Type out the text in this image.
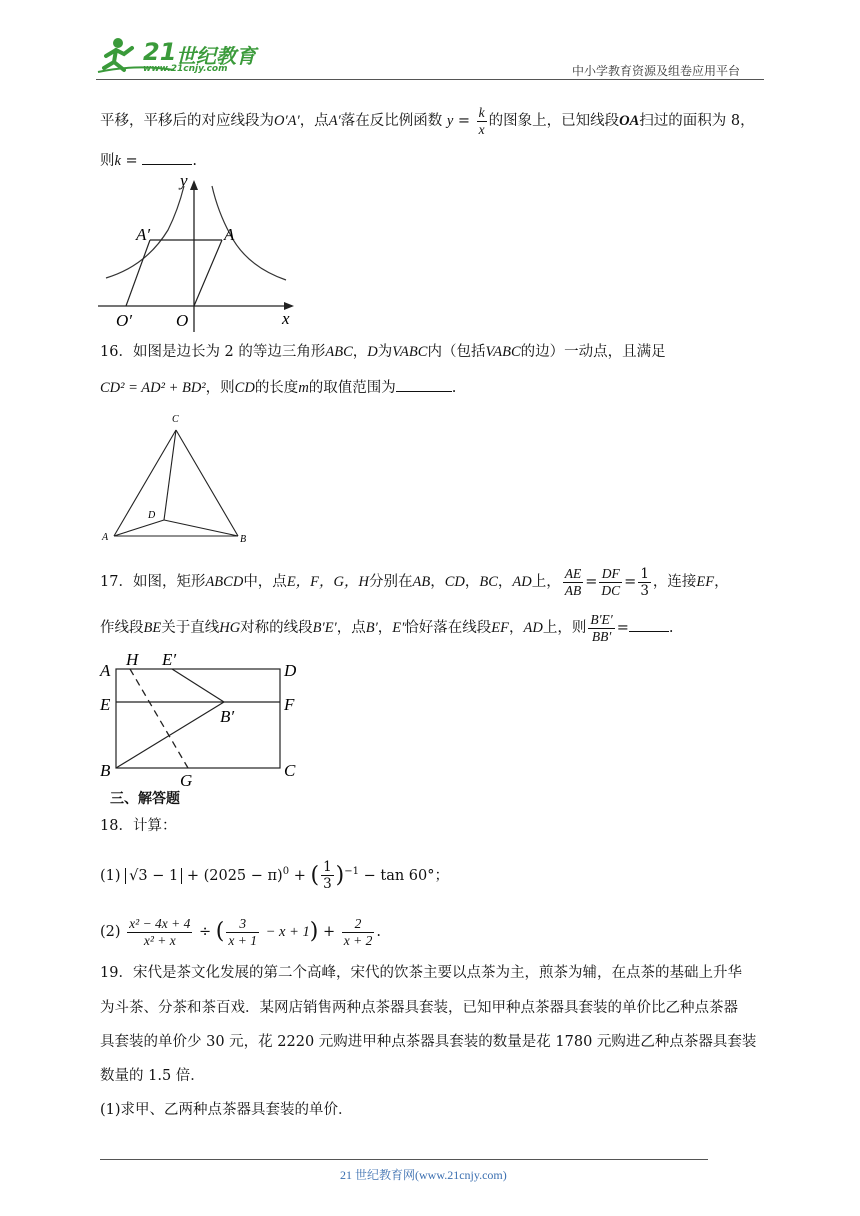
21 世纪教育
www.21cnjy.com	中小学教育资源及组卷应用平台
平移，平移后的对应线段为O′A′，点A′落在反比例函数 $y = \frac{k}{x}$ 的图象上，已知线段OA扫过的面积为 8，
则k =	.
y
x
A′	A
O′	O
16．如图是边长为 2 的等边三角形ABC，D为VABC内（包括VABC的边）一动点，且满足
CD² = AD² + BD²，则CD的长度m的取值范围为	.
C
D
A	B
17．如图，矩形ABCD中，点E，F，G，H分别在AB，CD，BC，AD上， $\frac{AE}{AB} = \frac{DF}{DC} = \frac{1}{3}$ ，连接EF，
作线段BE关于直线HG对称的线段B′E′，点B′，E′恰好落在线段EF，AD上，则 $\frac{B'E'}{BB'}$ =	.
A
H E′
D
E	F
B′
B
G
C
三、解答题
18．计算：
(1) $√3 - 1 + (2025 - \pi)^0$ + ( $\frac{1}{3} )^{-1} - \tan 60^\circ$；
$(2) \frac{\text{x² − 4x + 4}}{\text{x² + x}}$ ÷ ( $\frac{3}{x + 1} - x + 1) + \frac{2}{x + 2}$ .
19．宋代是茶文化发展的第二个高峰，宋代的饮茶主要以点茶为主，煎茶为辅，在点茶的基础上升华
为斗茶、分茶和茶百戏．某网店销售两种点茶器具套装，已知甲种点茶器具套装的单价比乙种点茶器
具套装的单价少 30 元，花 2220 元购进甲种点茶器具套装的数量是花 1780 元购进乙种点茶器具套装
数量的 1.5 倍．
(1)求甲、乙两种点茶器具套装的单价．
21 世纪教育网(www.21cnjy.com)
